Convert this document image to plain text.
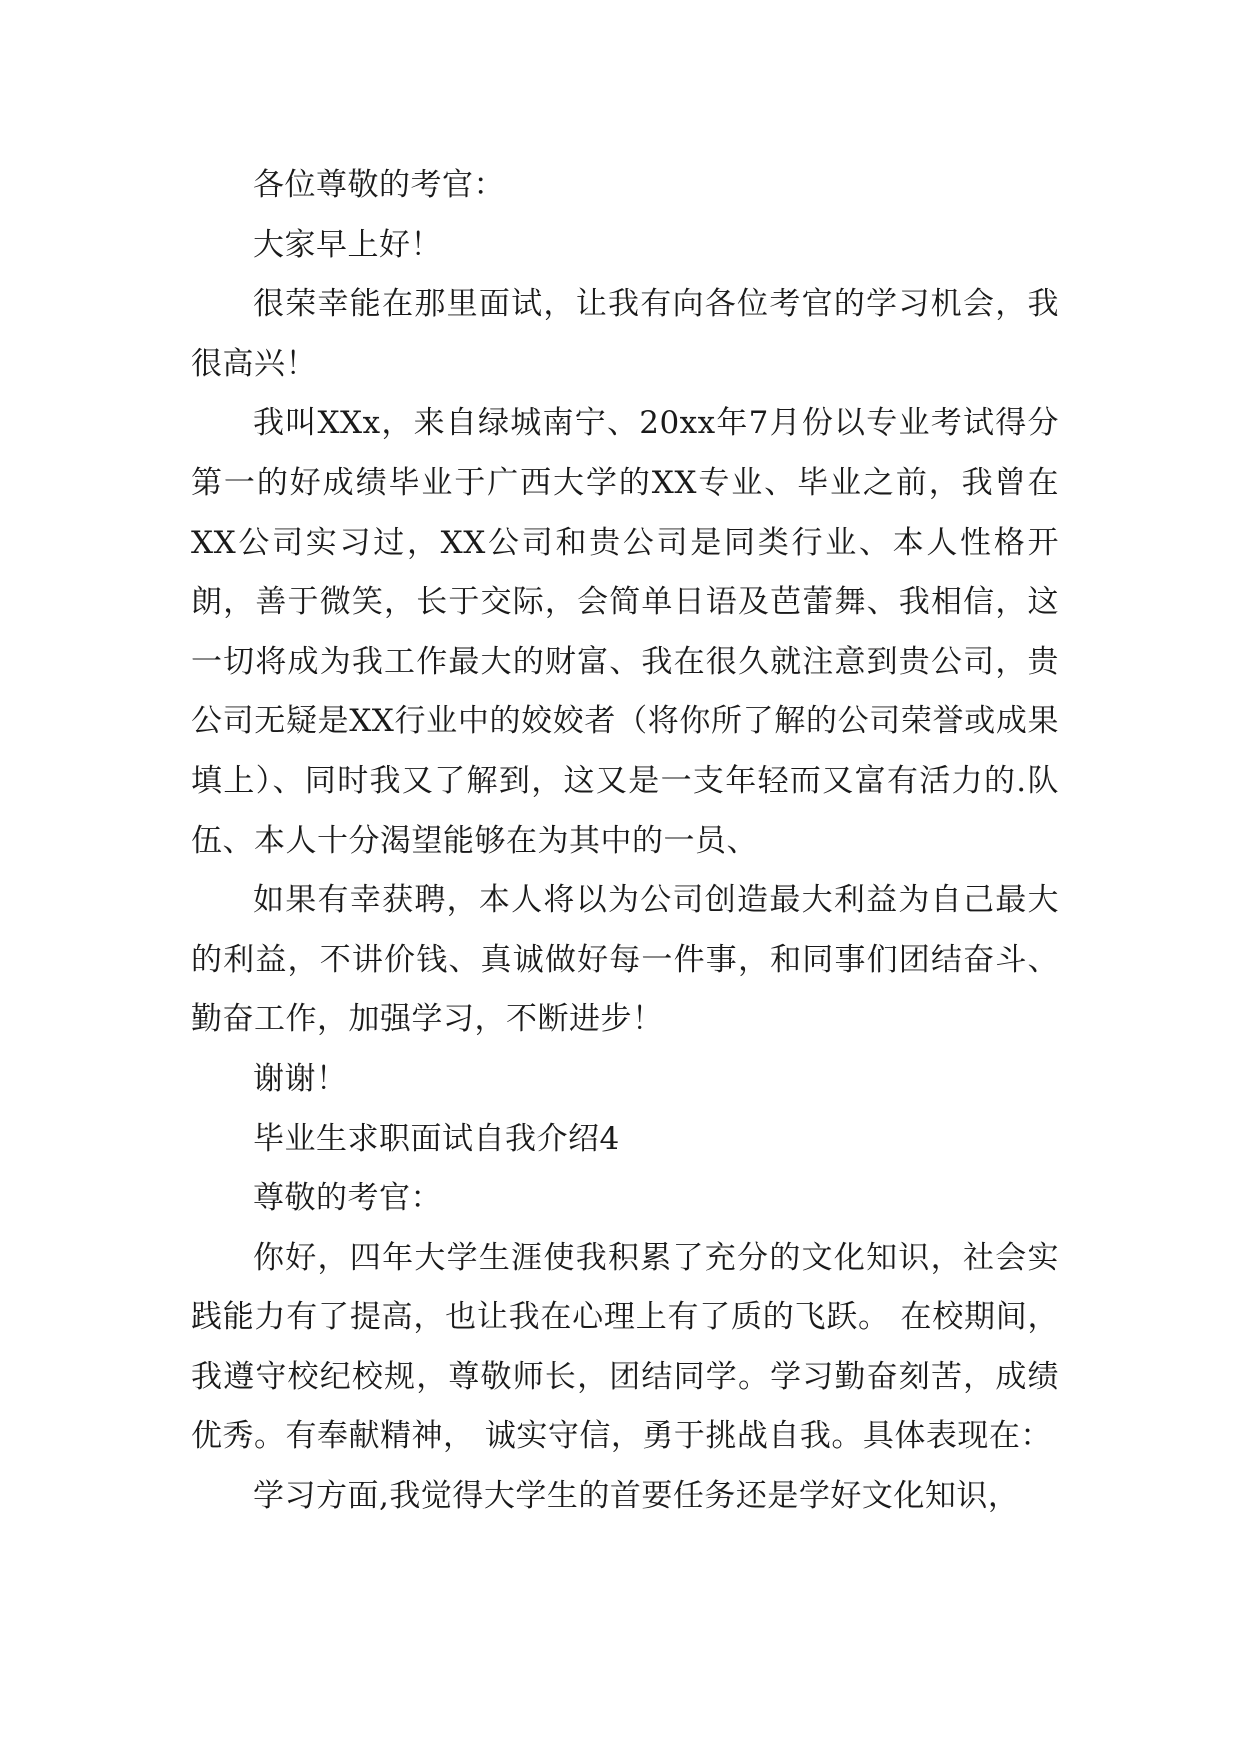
各位尊敬的考官：

大家早上好！

很荣幸能在那里面试，让我有向各位考官的学习机会，我很高兴！

我叫XXx，来自绿城南宁、20xx年7月份以专业考试得分第一的好成绩毕业于广西大学的XX专业、毕业之前，我曾在XX公司实习过，XX公司和贵公司是同类行业、本人性格开朗，善于微笑，长于交际，会简单日语及芭蕾舞、我相信，这一切将成为我工作最大的财富、我在很久就注意到贵公司，贵公司无疑是XX行业中的姣姣者（将你所了解的公司荣誉或成果填上）、同时我又了解到，这又是一支年轻而又富有活力的.队伍、本人十分渴望能够在为其中的一员、

如果有幸获聘，本人将以为公司创造最大利益为自己最大的利益，不讲价钱、真诚做好每一件事，和同事们团结奋斗、勤奋工作，加强学习，不断进步！

谢谢！

毕业生求职面试自我介绍4

尊敬的考官：

你好，四年大学生涯使我积累了充分的文化知识，社会实践能力有了提高，也让我在心理上有了质的飞跃。 在校期间，我遵守校纪校规，尊敬师长，团结同学。学习勤奋刻苦，成绩优秀。有奉献精神， 诚实守信，勇于挑战自我。具体表现在：

学习方面,我觉得大学生的首要任务还是学好文化知识，
